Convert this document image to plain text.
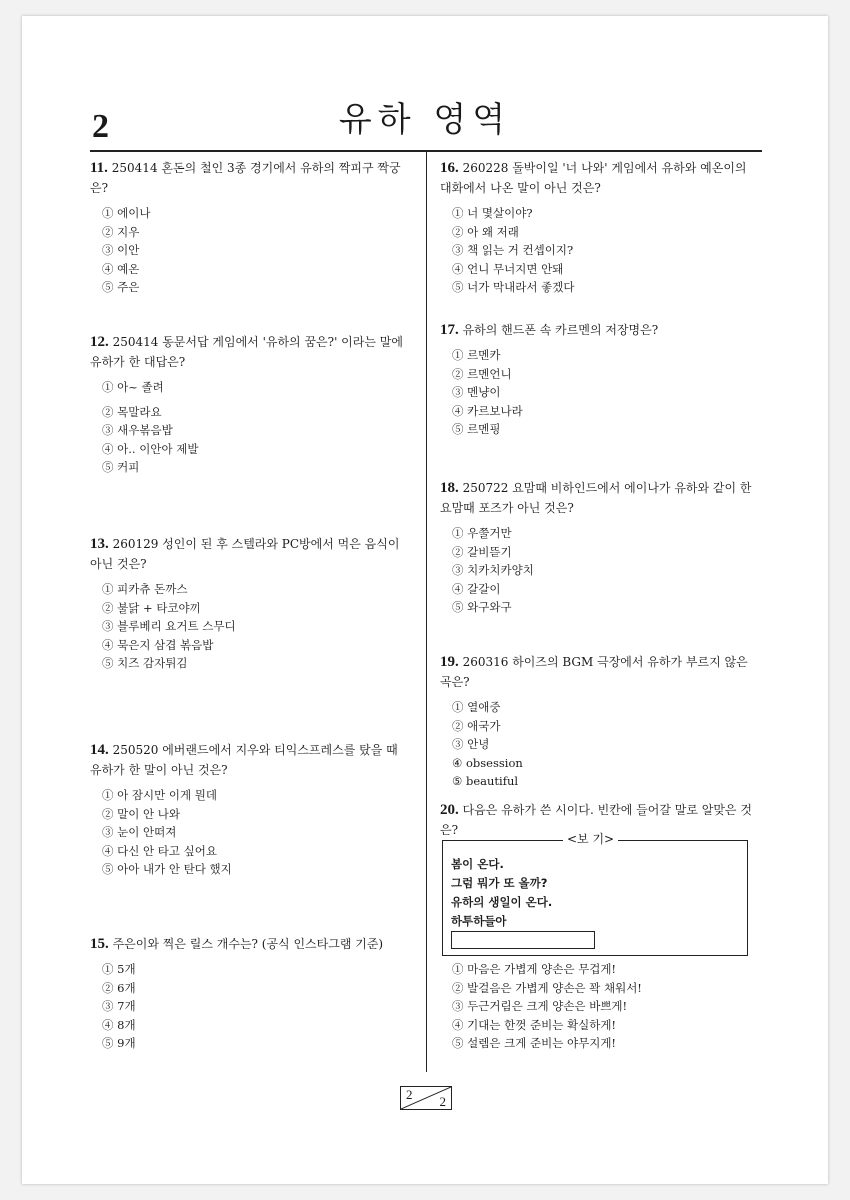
2	유하 영역
11. 250414 혼돈의 철인 3종 경기에서 유하의 짝피구 짝궁은?
① 에이나
② 지우
③ 이안
④ 예온
⑤ 주은
12. 250414 동문서답 게임에서 '유하의 꿈은?' 이라는 말에 유하가 한 대답은?
① 아~ 졸려
② 목말라요
③ 새우볶음밥
④ 아.. 이안아 제발
⑤ 커피
13. 260129 성인이 된 후 스텔라와 PC방에서 먹은 음식이 아닌 것은?
① 피카츄 돈까스
② 불닭 + 타코야끼
③ 블루베리 요거트 스무디
④ 묵은지 삼겹 볶음밥
⑤ 치즈 감자튀김
14. 250520 에버랜드에서 지우와 티익스프레스를 탔을 때 유하가 한 말이 아닌 것은?
① 아 잠시만 이게 뭔데
② 말이 안 나와
③ 눈이 안떠져
④ 다신 안 타고 싶어요
⑤ 아아 내가 안 탄다 했지
15. 주은이와 찍은 릴스 개수는? (공식 인스타그램 기준)
① 5개
② 6개
③ 7개
④ 8개
⑤ 9개
16. 260228 돌박이일 '너 나와' 게임에서 유하와 예온이의 대화에서 나온 말이 아닌 것은?
① 너 몇살이야?
② 아 왜 저래
③ 책 읽는 거 컨셉이지?
④ 언니 무너지면 안돼
⑤ 너가 막내라서 좋겠다
17. 유하의 핸드폰 속 카르멘의 저장명은?
① 르멘카
② 르멘언니
③ 멘냥이
④ 카르보나라
⑤ 르멘핑
18. 250722 요맘때 비하인드에서 에이나가 유하와 같이 한 요맘때 포즈가 아닌 것은?
① 우쭐거만
② 갈비뜯기
③ 치카치카양치
④ 갈갈이
⑤ 와구와구
19. 260316 하이즈의 BGM 극장에서 유하가 부르지 않은 곡은?
① 열애중
② 애국가
③ 안녕
④ obsession
⑤ beautiful
20. 다음은 유하가 쓴 시이다. 빈칸에 들어갈 말로 알맞은 것은?
<보 기>
봄이 온다.
그럼 뭐가 또 올까?
유하의 생일이 온다.
하투하들아
① 마음은 가볍게 양손은 무겁게!
② 발걸음은 가볍게 양손은 꽉 채워서!
③ 두근거림은 크게 양손은 바쁘게!
④ 기대는 한껏 준비는 확실하게!
⑤ 설렘은 크게 준비는 야무지게!
2 2
